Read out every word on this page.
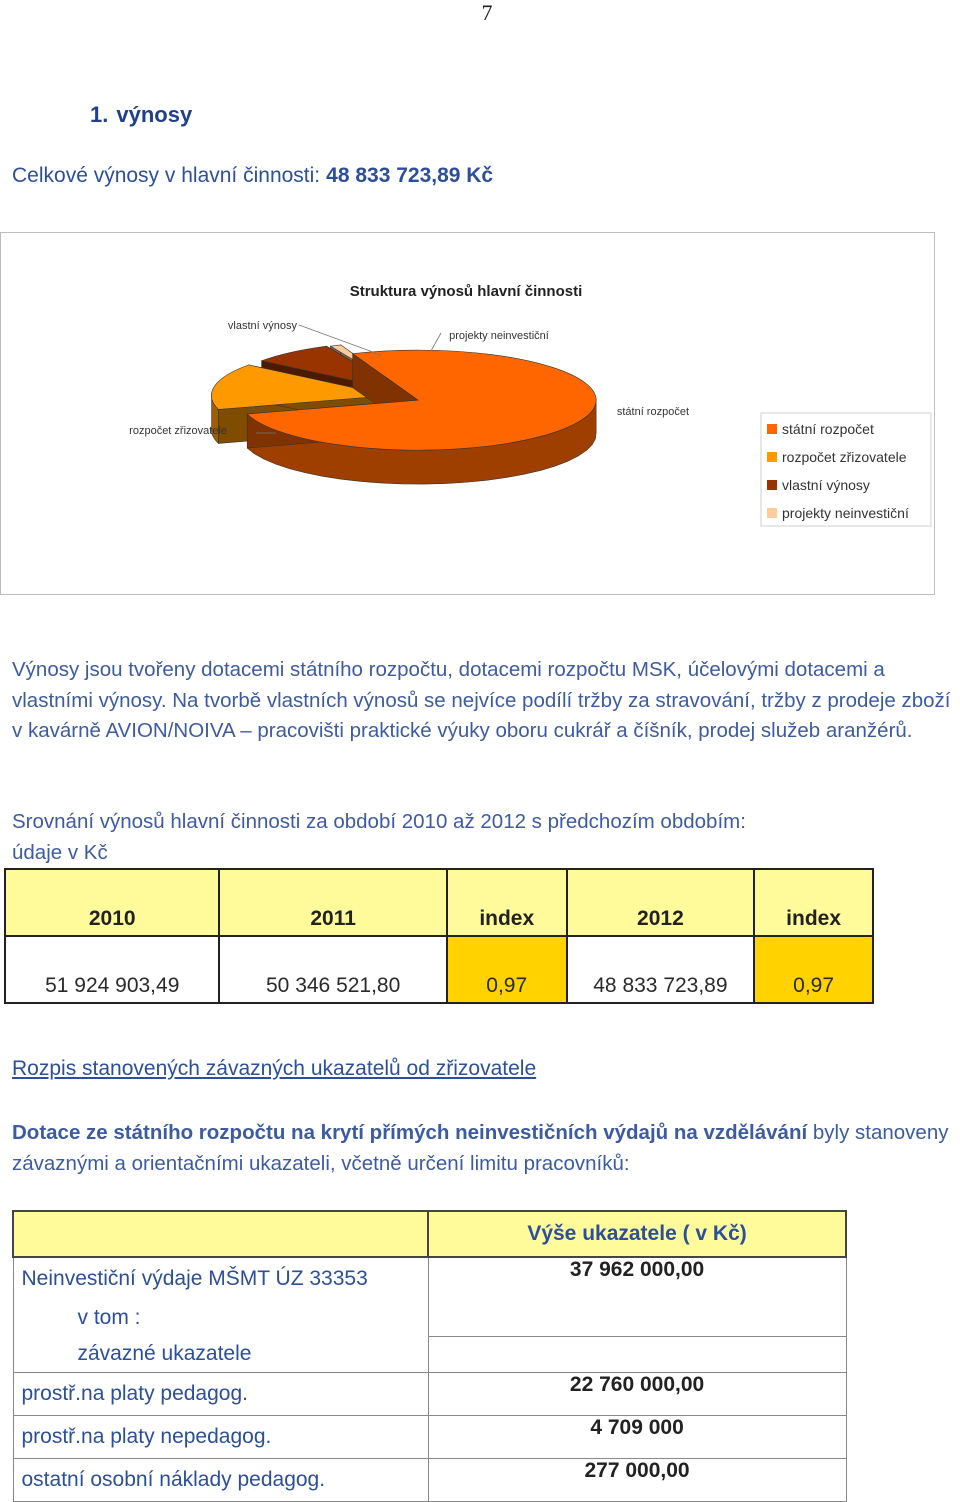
7
1. výnosy
Celkové výnosy v hlavní činnosti: 48 833 723,89 Kč
Struktura výnosů hlavní činnosti
státní rozpočet
rozpočet zřizovatele
vlastní výnosy
projekty neinvestiční
státní rozpočet
rozpočet zřizovatele
vlastní výnosy
projekty neinvestiční
Výnosy jsou tvořeny dotacemi státního rozpočtu, dotacemi rozpočtu MSK, účelovými dotacemi a vlastními výnosy. Na tvorbě vlastních výnosů se nejvíce podílí tržby za stravování, tržby z prodeje zboží v kavárně AVION/NOIVA – pracovišti praktické výuky oboru cukrář a číšník, prodej služeb aranžérů.
Srovnání výnosů hlavní činnosti za období 2010 až 2012 s předchozím obdobím:
údaje v Kč
2010	2011	index	2012	index
51 924 903,49	50 346 521,80	0,97	48 833 723,89	0,97
Rozpis stanovených závazných ukazatelů od zřizovatele
Dotace ze státního rozpočtu na krytí přímých neinvestičních výdajů na vzdělávání byly stanoveny závaznými a orientačními ukazateli, včetně určení limitu pracovníků:
	Výše ukazatele ( v Kč)
Neinvestiční výdaje MŠMT ÚZ 33353	37 962 000,00
v tom :	
závazné ukazatele	
prostř.na platy pedagog.	22 760 000,00
prostř.na platy nepedagog.	4 709 000
ostatní osobní náklady pedagog.	277 000,00
